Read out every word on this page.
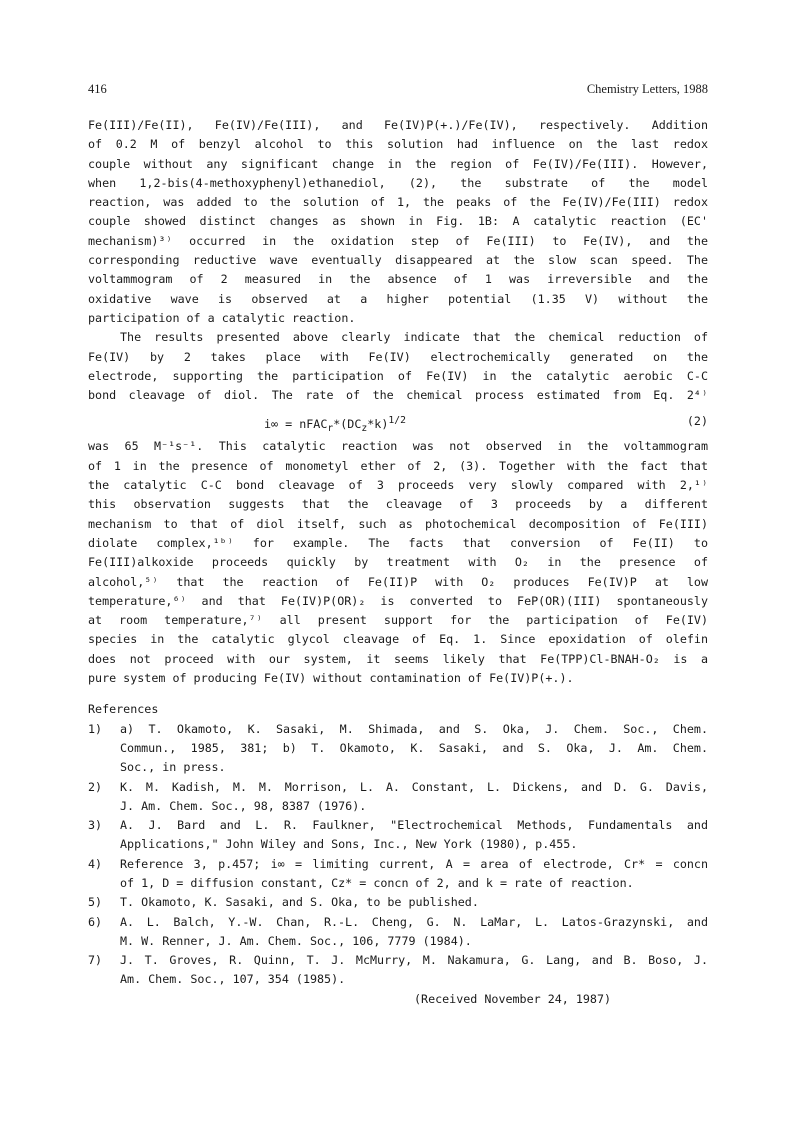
416	Chemistry Letters, 1988
Fe(III)/Fe(II), Fe(IV)/Fe(III), and Fe(IV)P(+.)/Fe(IV), respectively. Addition
of 0.2 M of benzyl alcohol to this solution had influence on the last redox
couple without any significant change in the region of Fe(IV)/Fe(III). However,
when 1,2-bis(4-methoxyphenyl)ethanediol, (2), the substrate of the model
reaction, was added to the solution of 1, the peaks of the Fe(IV)/Fe(III) redox
couple showed distinct changes as shown in Fig. 1B: A catalytic reaction (EC'
mechanism)³⁾ occurred in the oxidation step of Fe(III) to Fe(IV), and the
corresponding reductive wave eventually disappeared at the slow scan speed. The
voltammogram of 2 measured in the absence of 1 was irreversible and the
oxidative wave is observed at a higher potential (1.35 V) without the
participation of a catalytic reaction.
The results presented above clearly indicate that the chemical reduction of
Fe(IV) by 2 takes place with Fe(IV) electrochemically generated on the
electrode, supporting the participation of Fe(IV) in the catalytic aerobic C-C
bond cleavage of diol. The rate of the chemical process estimated from Eq. 2⁴⁾
$i\infty = nFAC_r*(DC_z*k)^{1/2}$	(2)
was 65 M⁻¹s⁻¹. This catalytic reaction was not observed in the voltammogram
of 1 in the presence of monometyl ether of 2, (3). Together with the fact that
the catalytic C-C bond cleavage of 3 proceeds very slowly compared with 2,¹⁾
this observation suggests that the cleavage of 3 proceeds by a different
mechanism to that of diol itself, such as photochemical decomposition of Fe(III)
diolate complex,¹ᵇ⁾ for example. The facts that conversion of Fe(II) to
Fe(III)alkoxide proceeds quickly by treatment with O₂ in the presence of
alcohol,⁵⁾ that the reaction of Fe(II)P with O₂ produces Fe(IV)P at low
temperature,⁶⁾ and that Fe(IV)P(OR)₂ is converted to FeP(OR)(III) spontaneously
at room temperature,⁷⁾ all present support for the participation of Fe(IV)
species in the catalytic glycol cleavage of Eq. 1. Since epoxidation of olefin
does not proceed with our system, it seems likely that Fe(TPP)Cl-BNAH-O₂ is a
pure system of producing Fe(IV) without contamination of Fe(IV)P(+.).
References
1) a) T. Okamoto, K. Sasaki, M. Shimada, and S. Oka, J. Chem. Soc., Chem.
Commun., 1985, 381; b) T. Okamoto, K. Sasaki, and S. Oka, J. Am. Chem.
Soc., in press.
2) K. M. Kadish, M. M. Morrison, L. A. Constant, L. Dickens, and D. G. Davis,
J. Am. Chem. Soc., 98, 8387 (1976).
3) A. J. Bard and L. R. Faulkner, "Electrochemical Methods, Fundamentals and
Applications," John Wiley and Sons, Inc., New York (1980), p.455.
4) Reference 3, p.457; i∞ = limiting current, A = area of electrode, Cr* = concn
of 1, D = diffusion constant, Cz* = concn of 2, and k = rate of reaction.
5) T. Okamoto, K. Sasaki, and S. Oka, to be published.
6) A. L. Balch, Y.-W. Chan, R.-L. Cheng, G. N. LaMar, L. Latos-Grazynski, and
M. W. Renner, J. Am. Chem. Soc., 106, 7779 (1984).
7) J. T. Groves, R. Quinn, T. J. McMurry, M. Nakamura, G. Lang, and B. Boso, J.
Am. Chem. Soc., 107, 354 (1985).
(Received November 24, 1987)
